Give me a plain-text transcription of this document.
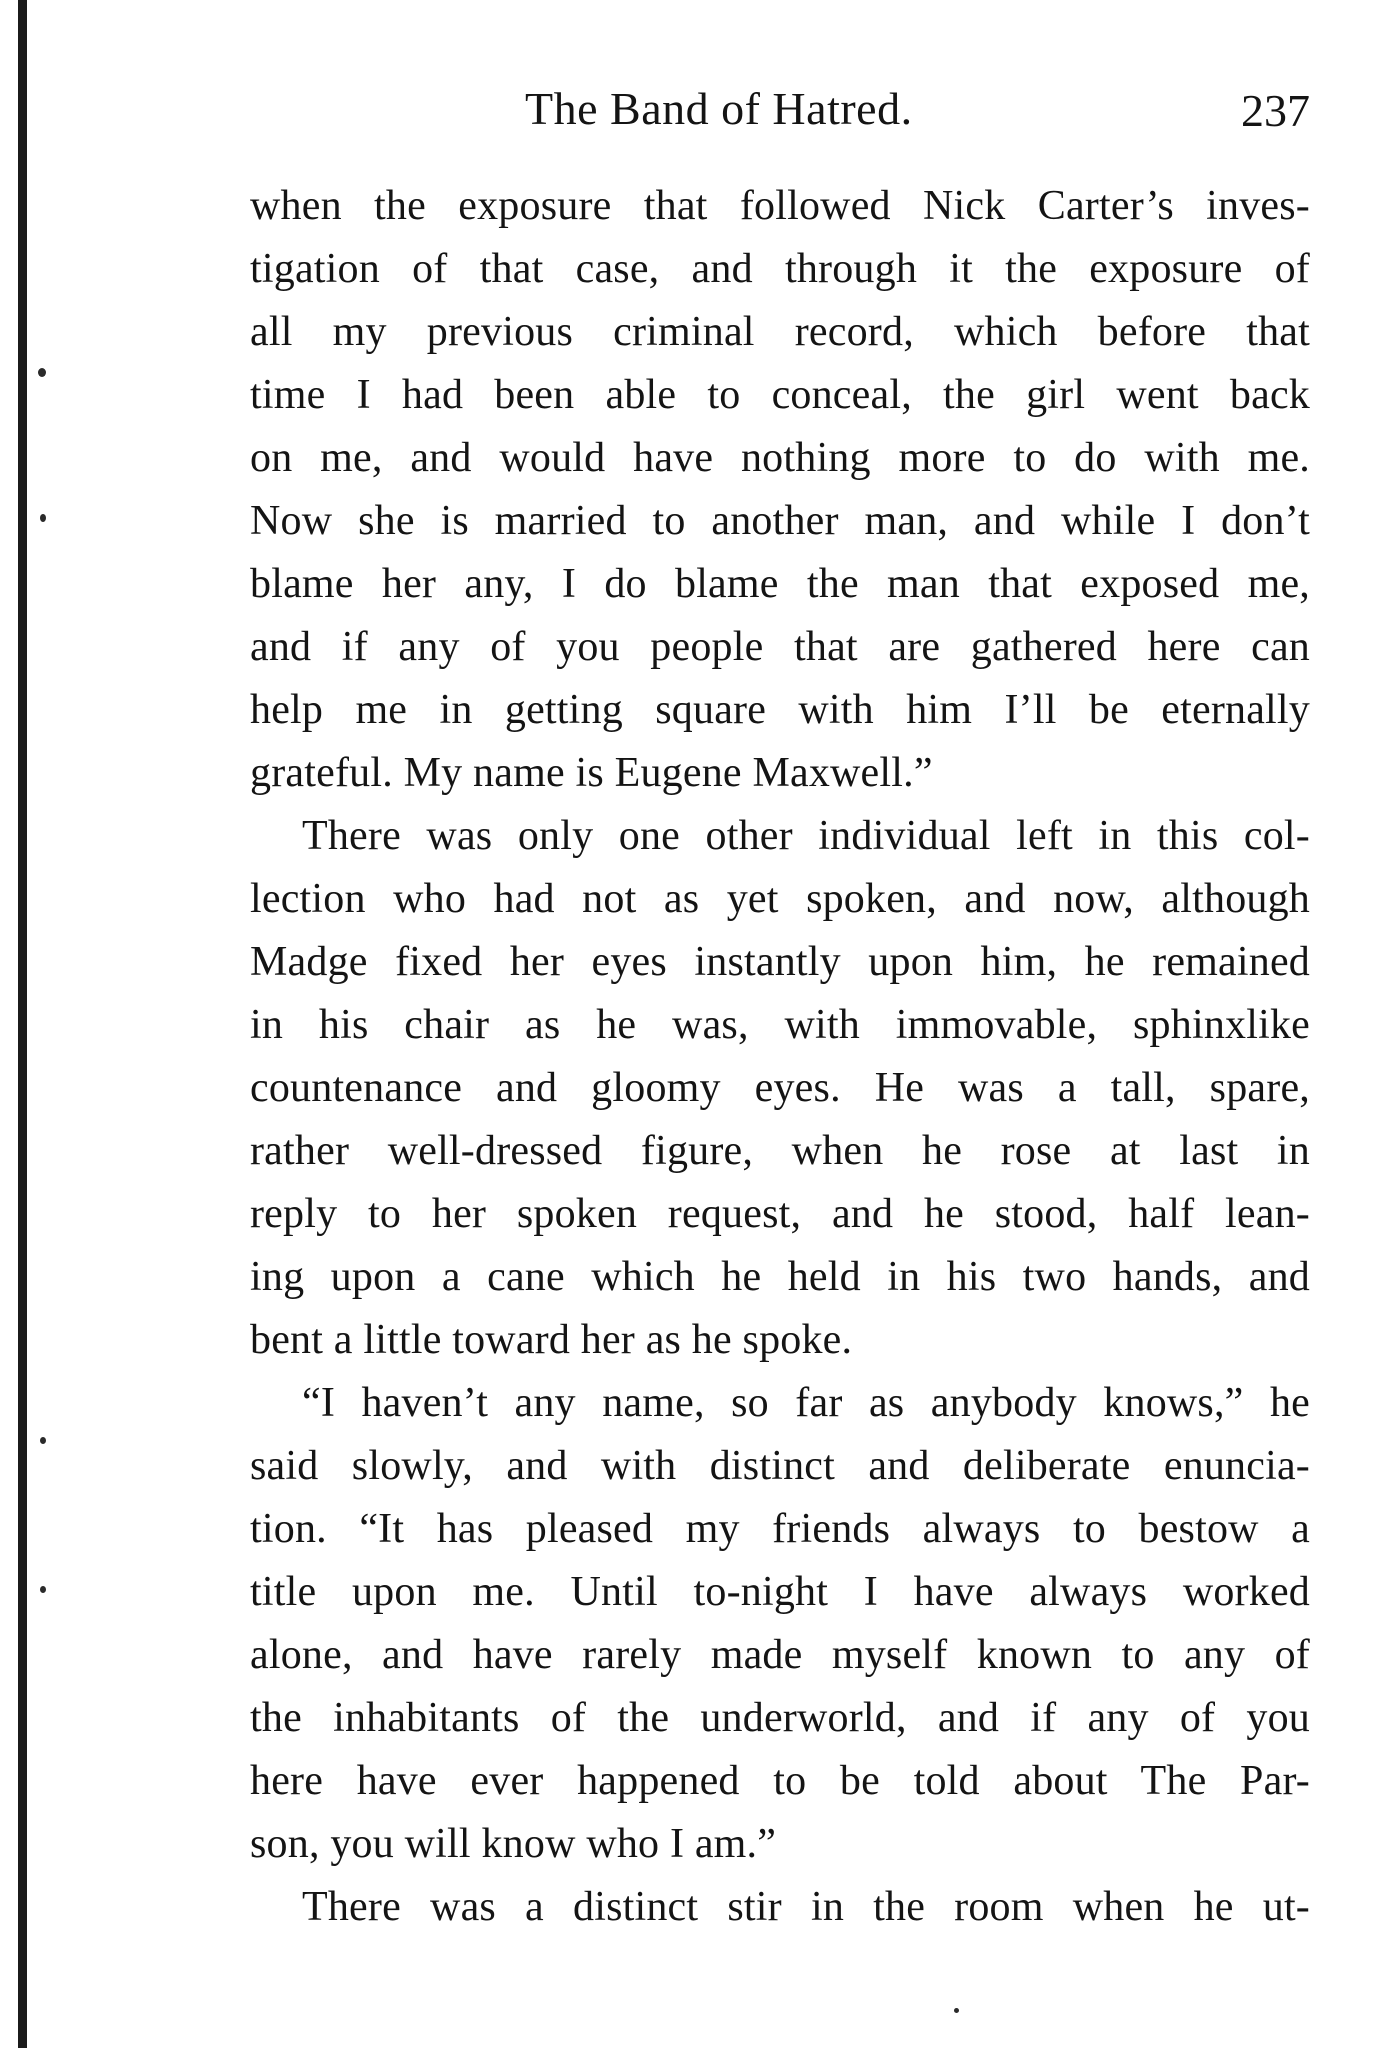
The Band of Hatred.	237
when the exposure that followed Nick Carter’s inves-
tigation of that case, and through it the exposure of
all my previous criminal record, which before that
time I had been able to conceal, the girl went back
on me, and would have nothing more to do with me.
Now she is married to another man, and while I don’t
blame her any, I do blame the man that exposed me,
and if any of you people that are gathered here can
help me in getting square with him I’ll be eternally
grateful. My name is Eugene Maxwell.”
There was only one other individual left in this col-
lection who had not as yet spoken, and now, although
Madge fixed her eyes instantly upon him, he remained
in his chair as he was, with immovable, sphinxlike
countenance and gloomy eyes. He was a tall, spare,
rather well-dressed figure, when he rose at last in
reply to her spoken request, and he stood, half lean-
ing upon a cane which he held in his two hands, and
bent a little toward her as he spoke.
“I haven’t any name, so far as anybody knows,” he
said slowly, and with distinct and deliberate enuncia-
tion. “It has pleased my friends always to bestow a
title upon me. Until to-night I have always worked
alone, and have rarely made myself known to any of
the inhabitants of the underworld, and if any of you
here have ever happened to be told about The Par-
son, you will know who I am.”
There was a distinct stir in the room when he ut-
